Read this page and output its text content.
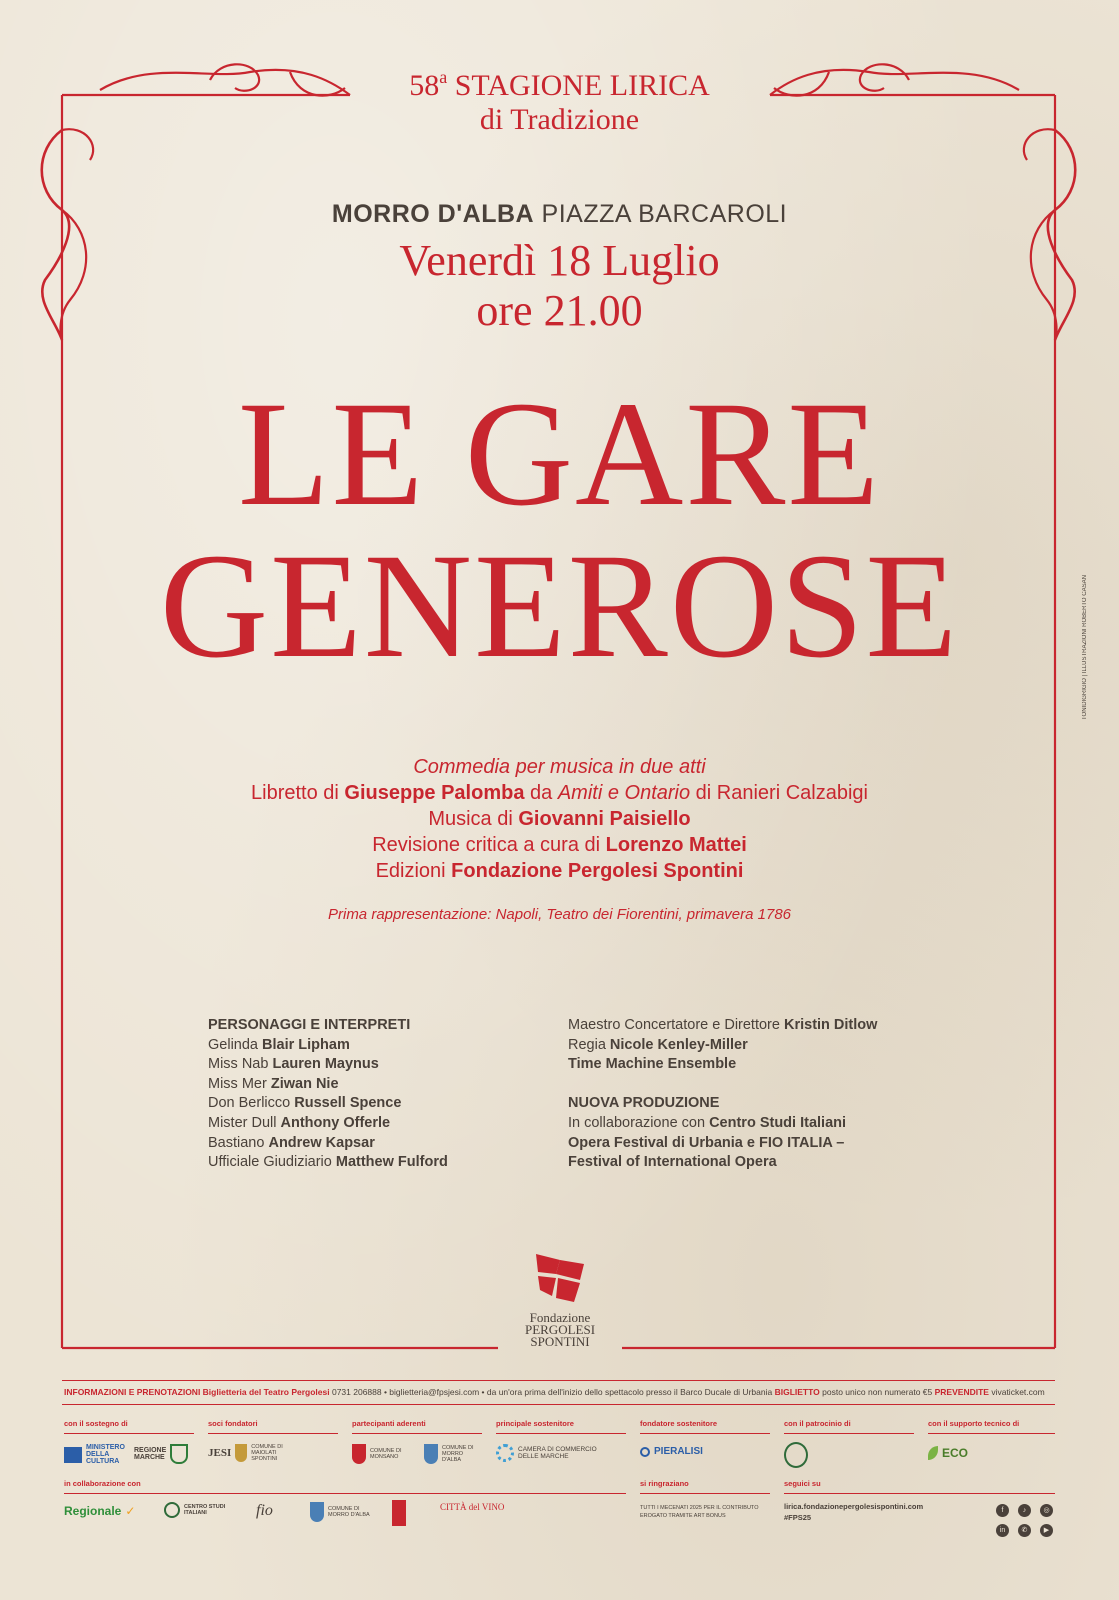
58$^a$ STAGIONE LIRICA
di Tradizione
MORRO D'ALBA PIAZZA BARCAROLI
Venerdì 18 Luglio
ore 21.00
LE GARE
GENEROSE
Commedia per musica in due atti
Libretto di Giuseppe Palomba da Amiti e Ontario di Ranieri Calzabigi
Musica di Giovanni Paisiello
Revisione critica a cura di Lorenzo Mattei
Edizioni Fondazione Pergolesi Spontini
Prima rappresentazione: Napoli, Teatro dei Fiorentini, primavera 1786
PERSONAGGI E INTERPRETI
Gelinda Blair Lipham
Miss Nab Lauren Maynus
Miss Mer Ziwan Nie
Don Berlicco Russell Spence
Mister Dull Anthony Offerle
Bastiano Andrew Kapsar
Ufficiale Giudiziario Matthew Fulford
Maestro Concertatore e Direttore Kristin Ditlow
Regia Nicole Kenley-Miller
Time Machine Ensemble
NUOVA PRODUZIONE
In collaborazione con Centro Studi Italiani
Opera Festival di Urbania e FIO ITALIA –
Festival of International Opera
Fondazione
PERGOLESI
SPONTINI
INFORMAZIONI E PRENOTAZIONI Biglietteria del Teatro Pergolesi 0731 206888 • biglietteria@fpsjesi.com • da un'ora prima dell'inizio dello spettacolo presso il Barco Ducale di Urbania BIGLIETTO posto unico non numerato €5 PREVENDITE vivaticket.com
con il sostegno di	soci fondatori	partecipanti aderenti	principale sostenitore	fondatore sostenitore	con il patrocinio di	con il supporto tecnico di
MINISTERO DELLA CULTURA
REGIONE MARCHE	JESI	COMUNE DI MAIOLATI SPONTINI
COMUNE DI MONSANO
COMUNE DI MORRO D'ALBA
CAMERA DI COMMERCIO DELLE MARCHE	PIERALISI	ECO
in collaborazione con	si ringraziano	seguici su
Regionale ✓	CENTRO STUDI ITALIANI	fio	COMUNE DI MORRO D'ALBA
CITTÀ del VINO	TUTTI I MECENATI 2025 PER IL CONTRIBUTO EROGATO TRAMITE ART BONUS
lirica.fondazionepergolesispontini.com
#FPS25
f	♪	◎
in	✆	▶
TONIDIGRIGIO | ILLUSTRAZIONI ROBERTO CASAN
